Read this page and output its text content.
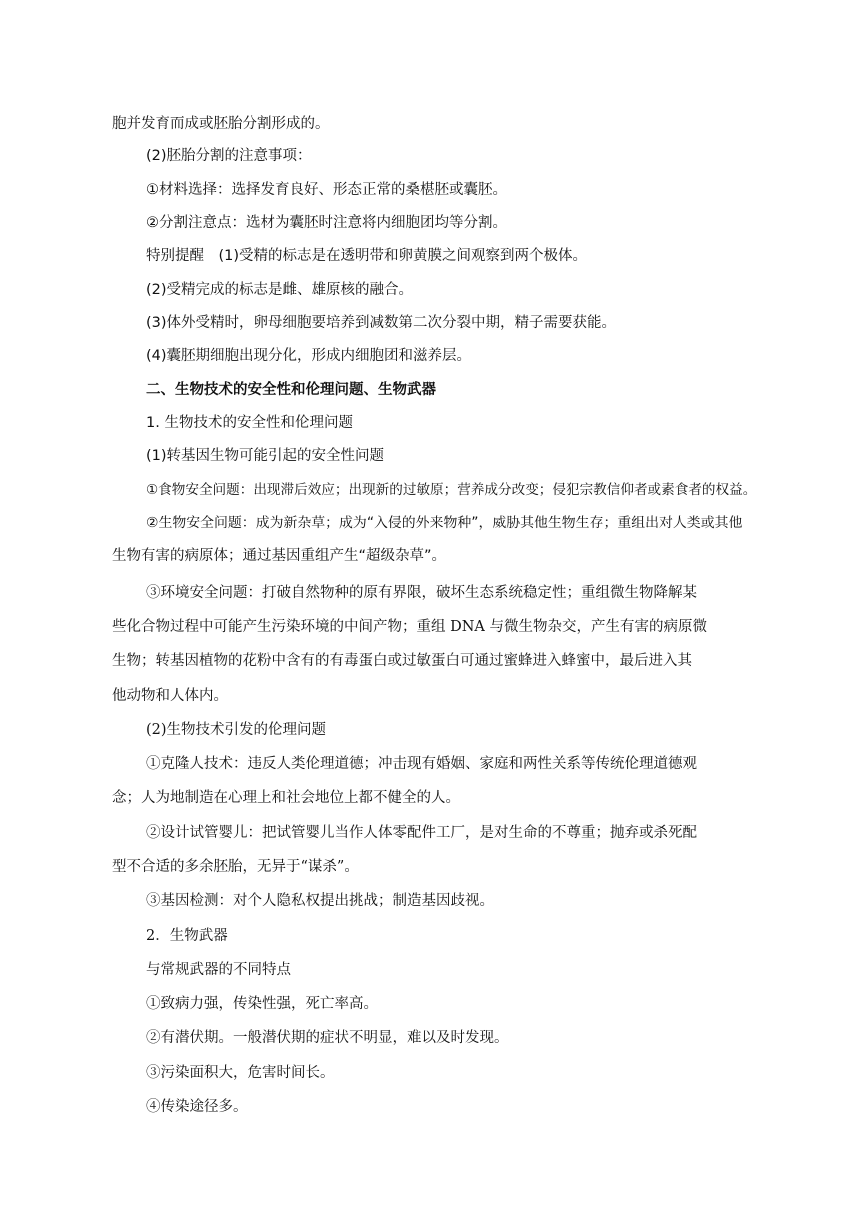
胞并发育而成或胚胎分割形成的。
(2)胚胎分割的注意事项：
①材料选择：选择发育良好、形态正常的桑椹胚或囊胚。
②分割注意点：选材为囊胚时注意将内细胞团均等分割。
特别提醒　(1)受精的标志是在透明带和卵黄膜之间观察到两个极体。
(2)受精完成的标志是雌、雄原核的融合。
(3)体外受精时，卵母细胞要培养到减数第二次分裂中期，精子需要获能。
(4)囊胚期细胞出现分化，形成内细胞团和滋养层。
二、生物技术的安全性和伦理问题、生物武器
1. 生物技术的安全性和伦理问题
(1)转基因生物可能引起的安全性问题
①食物安全问题：出现滞后效应；出现新的过敏原；营养成分改变；侵犯宗教信仰者或素食者的权益。
②生物安全问题：成为新杂草；成为“入侵的外来物种”，威胁其他生物生存；重组出对人类或其他
生物有害的病原体；通过基因重组产生“超级杂草”。
③环境安全问题：打破自然物种的原有界限，破坏生态系统稳定性；重组微生物降解某
些化合物过程中可能产生污染环境的中间产物；重组 DNA 与微生物杂交，产生有害的病原微
生物；转基因植物的花粉中含有的有毒蛋白或过敏蛋白可通过蜜蜂进入蜂蜜中，最后进入其
他动物和人体内。
(2)生物技术引发的伦理问题
①克隆人技术：违反人类伦理道德；冲击现有婚姻、家庭和两性关系等传统伦理道德观
念；人为地制造在心理上和社会地位上都不健全的人。
②设计试管婴儿：把试管婴儿当作人体零配件工厂，是对生命的不尊重；抛弃或杀死配
型不合适的多余胚胎，无异于“谋杀”。
③基因检测：对个人隐私权提出挑战；制造基因歧视。
2．生物武器
与常规武器的不同特点
①致病力强，传染性强，死亡率高。
②有潜伏期。一般潜伏期的症状不明显，难以及时发现。
③污染面积大，危害时间长。
④传染途径多。
